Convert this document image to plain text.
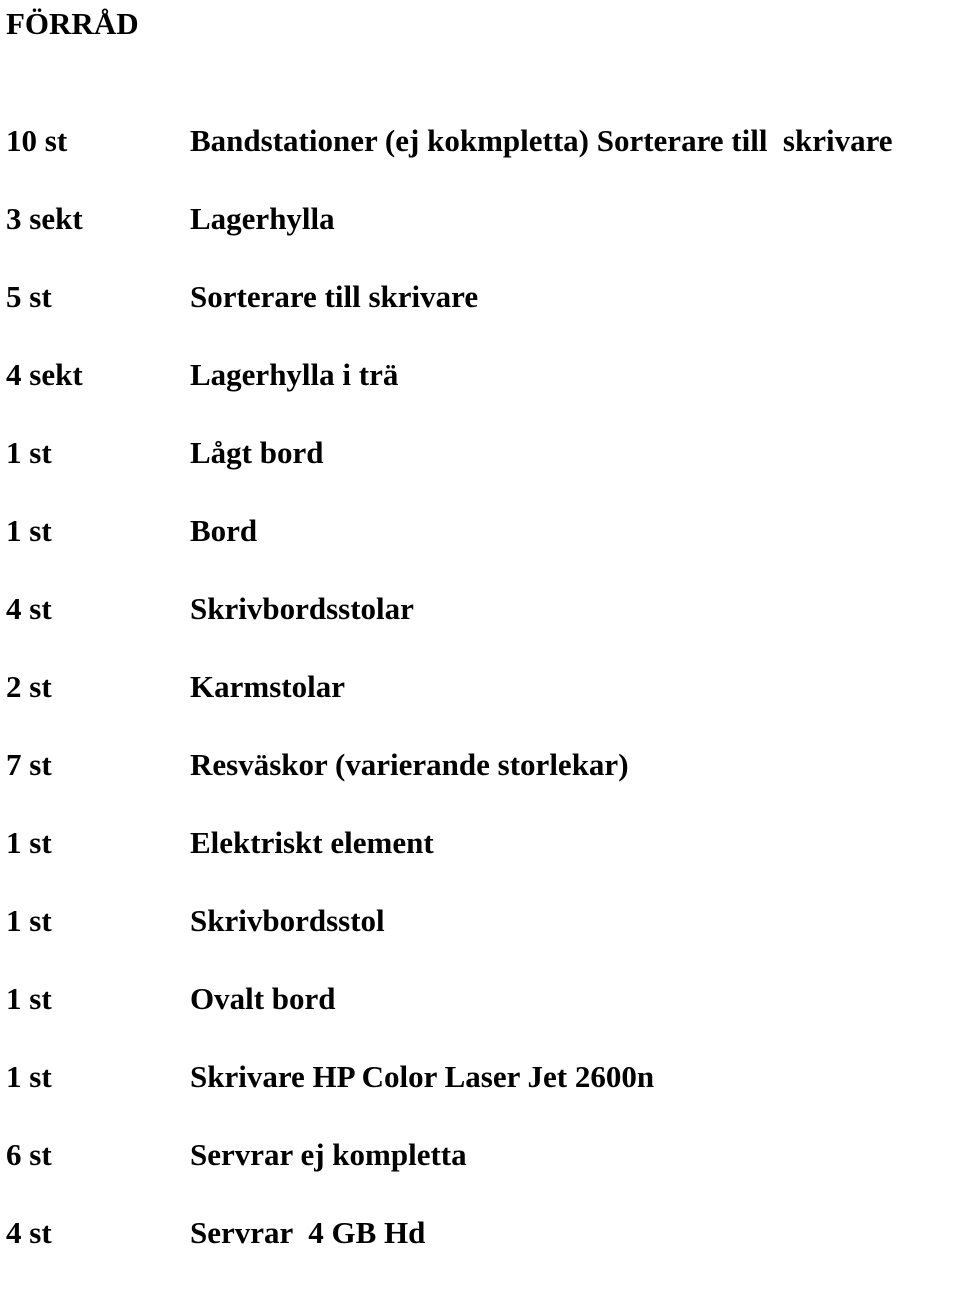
FÖRRÅD
10 st	Bandstationer (ej kokmpletta) Sorterare till  skrivare
3 sekt	Lagerhylla
5 st	Sorterare till skrivare
4 sekt	Lagerhylla i trä
1 st	Lågt bord
1 st	Bord
4 st	Skrivbordsstolar
2 st	Karmstolar
7 st	Resväskor (varierande storlekar)
1 st	Elektriskt element
1 st	Skrivbordsstol
1 st	Ovalt bord
1 st	Skrivare HP Color Laser Jet 2600n
6 st	Servrar ej kompletta
4 st	Servrar  4 GB Hd
